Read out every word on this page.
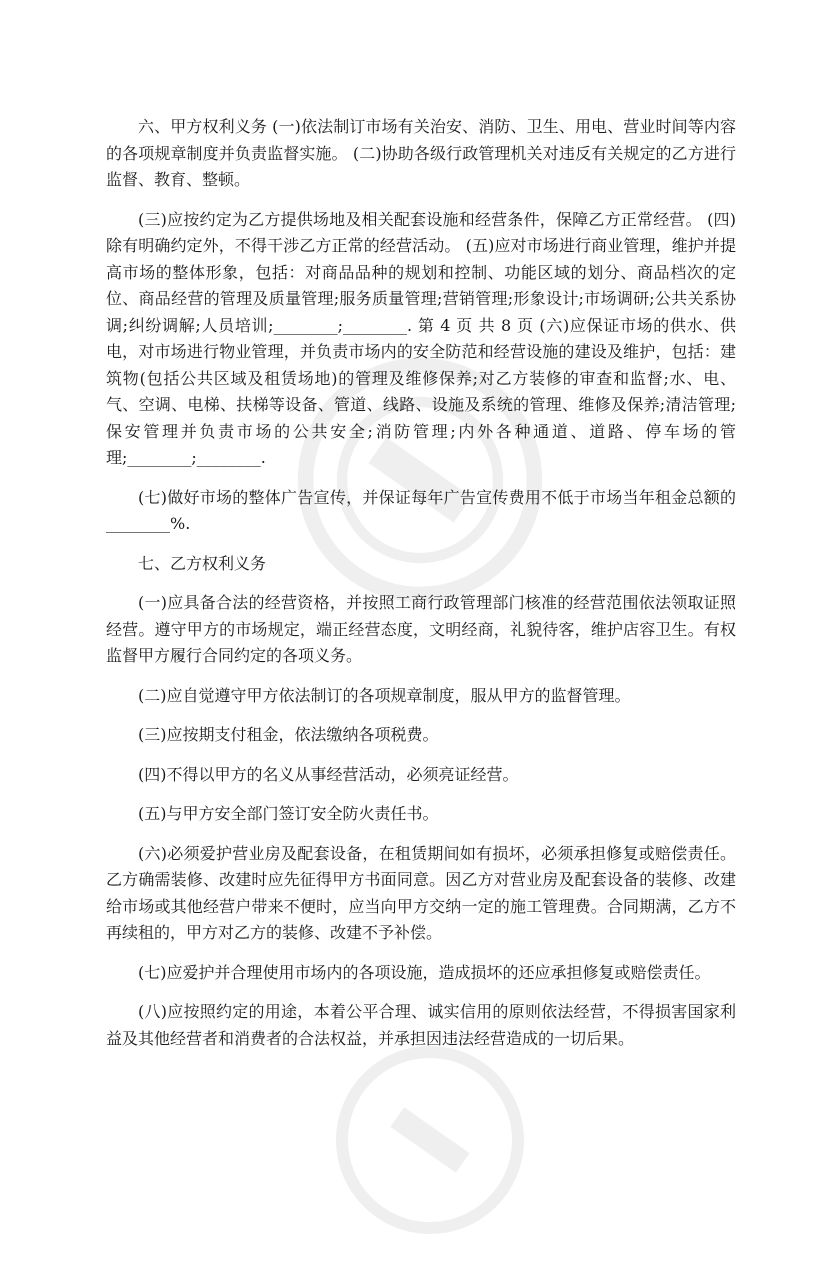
六、甲方权利义务 (一)依法制订市场有关治安、消防、卫生、用电、营业时间等内容的各项规章制度并负责监督实施。 (二)协助各级行政管理机关对违反有关规定的乙方进行监督、教育、整顿。

(三)应按约定为乙方提供场地及相关配套设施和经营条件，保障乙方正常经营。 (四)除有明确约定外，不得干涉乙方正常的经营活动。 (五)应对市场进行商业管理，维护并提高市场的整体形象，包括：对商品品种的规划和控制、功能区域的划分、商品档次的定位、商品经营的管理及质量管理;服务质量管理;营销管理;形象设计;市场调研;公共关系协调;纠纷调解;人员培训;________;________. 第 4 页 共 8 页 (六)应保证市场的供水、供电，对市场进行物业管理，并负责市场内的安全防范和经营设施的建设及维护，包括：建筑物(包括公共区域及租赁场地)的管理及维修保养;对乙方装修的审查和监督;水、电、气、空调、电梯、扶梯等设备、管道、线路、设施及系统的管理、维修及保养;清洁管理;保安管理并负责市场的公共安全;消防管理;内外各种通道、道路、停车场的管理;________;________.

(七)做好市场的整体广告宣传，并保证每年广告宣传费用不低于市场当年租金总额的________%.

七、乙方权利义务

(一)应具备合法的经营资格，并按照工商行政管理部门核准的经营范围依法领取证照经营。遵守甲方的市场规定，端正经营态度，文明经商，礼貌待客，维护店容卫生。有权监督甲方履行合同约定的各项义务。

(二)应自觉遵守甲方依法制订的各项规章制度，服从甲方的监督管理。

(三)应按期支付租金，依法缴纳各项税费。

(四)不得以甲方的名义从事经营活动，必须亮证经营。

(五)与甲方安全部门签订安全防火责任书。

(六)必须爱护营业房及配套设备，在租赁期间如有损坏，必须承担修复或赔偿责任。乙方确需装修、改建时应先征得甲方书面同意。因乙方对营业房及配套设备的装修、改建给市场或其他经营户带来不便时，应当向甲方交纳一定的施工管理费。合同期满，乙方不再续租的，甲方对乙方的装修、改建不予补偿。

(七)应爱护并合理使用市场内的各项设施，造成损坏的还应承担修复或赔偿责任。

(八)应按照约定的用途，本着公平合理、诚实信用的原则依法经营，不得损害国家利益及其他经营者和消费者的合法权益，并承担因违法经营造成的一切后果。
